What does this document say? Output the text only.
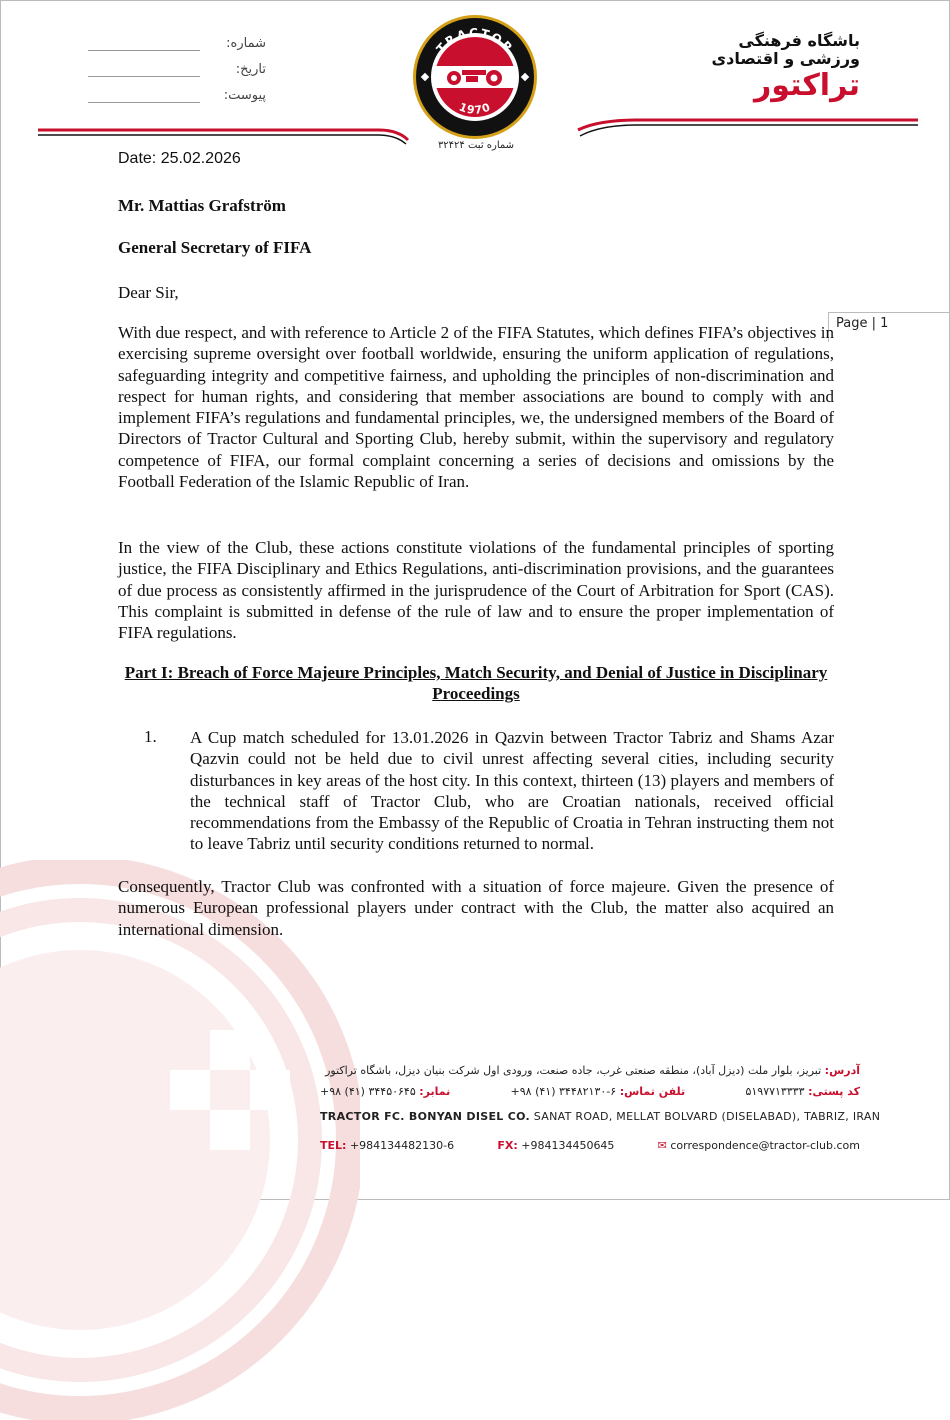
شماره:
تاریخ:
پیوست:
TRACTOR
1970
شماره ثبت ۳۲۴۲۴
باشگاه فرهنگی
ورزشی و اقتصادی
تراکتور
Date: 25.02.2026
Mr. Mattias Grafström
General Secretary of FIFA
Dear Sir,
Page | 1
With due respect, and with reference to Article 2 of the FIFA Statutes, which defines FIFA’s objectives in exercising supreme oversight over football worldwide, ensuring the uniform application of regulations, safeguarding integrity and competitive fairness, and upholding the principles of non-discrimination and respect for human rights, and considering that member associations are bound to comply with and implement FIFA’s regulations and fundamental principles, we, the undersigned members of the Board of Directors of Tractor Cultural and Sporting Club, hereby submit, within the supervisory and regulatory competence of FIFA, our formal complaint concerning a series of decisions and omissions by the Football Federation of the Islamic Republic of Iran.
In the view of the Club, these actions constitute violations of the fundamental principles of sporting justice, the FIFA Disciplinary and Ethics Regulations, anti-discrimination provisions, and the guarantees of due process as consistently affirmed in the jurisprudence of the Court of Arbitration for Sport (CAS). This complaint is submitted in defense of the rule of law and to ensure the proper implementation of FIFA regulations.
Part I: Breach of Force Majeure Principles, Match Security, and Denial of Justice in Disciplinary Proceedings
1. A Cup match scheduled for 13.01.2026 in Qazvin between Tractor Tabriz and Shams Azar Qazvin could not be held due to civil unrest affecting several cities, including security disturbances in key areas of the host city. In this context, thirteen (13) players and members of the technical staff of Tractor Club, who are Croatian nationals, received official recommendations from the Embassy of the Republic of Croatia in Tehran instructing them not to leave Tabriz until security conditions returned to normal.
Consequently, Tractor Club was confronted with a situation of force majeure. Given the presence of numerous European professional players under contract with the Club, the matter also acquired an international dimension.
آدرس: تبریز، بلوار ملت (دیزل آباد)، منطقه صنعتی غرب، جاده صنعت، ورودی اول شرکت بنیان دیزل، باشگاه تراکتور
کد پستی: ۵۱۹۷۷۱۳۳۳۳
تلفن تماس: ۶-۳۴۴۸۲۱۳۰ (۴۱) ۹۸+
نمابر: ۳۴۴۵۰۶۴۵ (۴۱) ۹۸+
TRACTOR FC. BONYAN DISEL CO. SANAT ROAD, MELLAT BOLVARD (DISELABAD), TABRIZ, IRAN
TEL: +984134482130-6	FX: +984134450645	✉ correspondence@tractor-club.com
